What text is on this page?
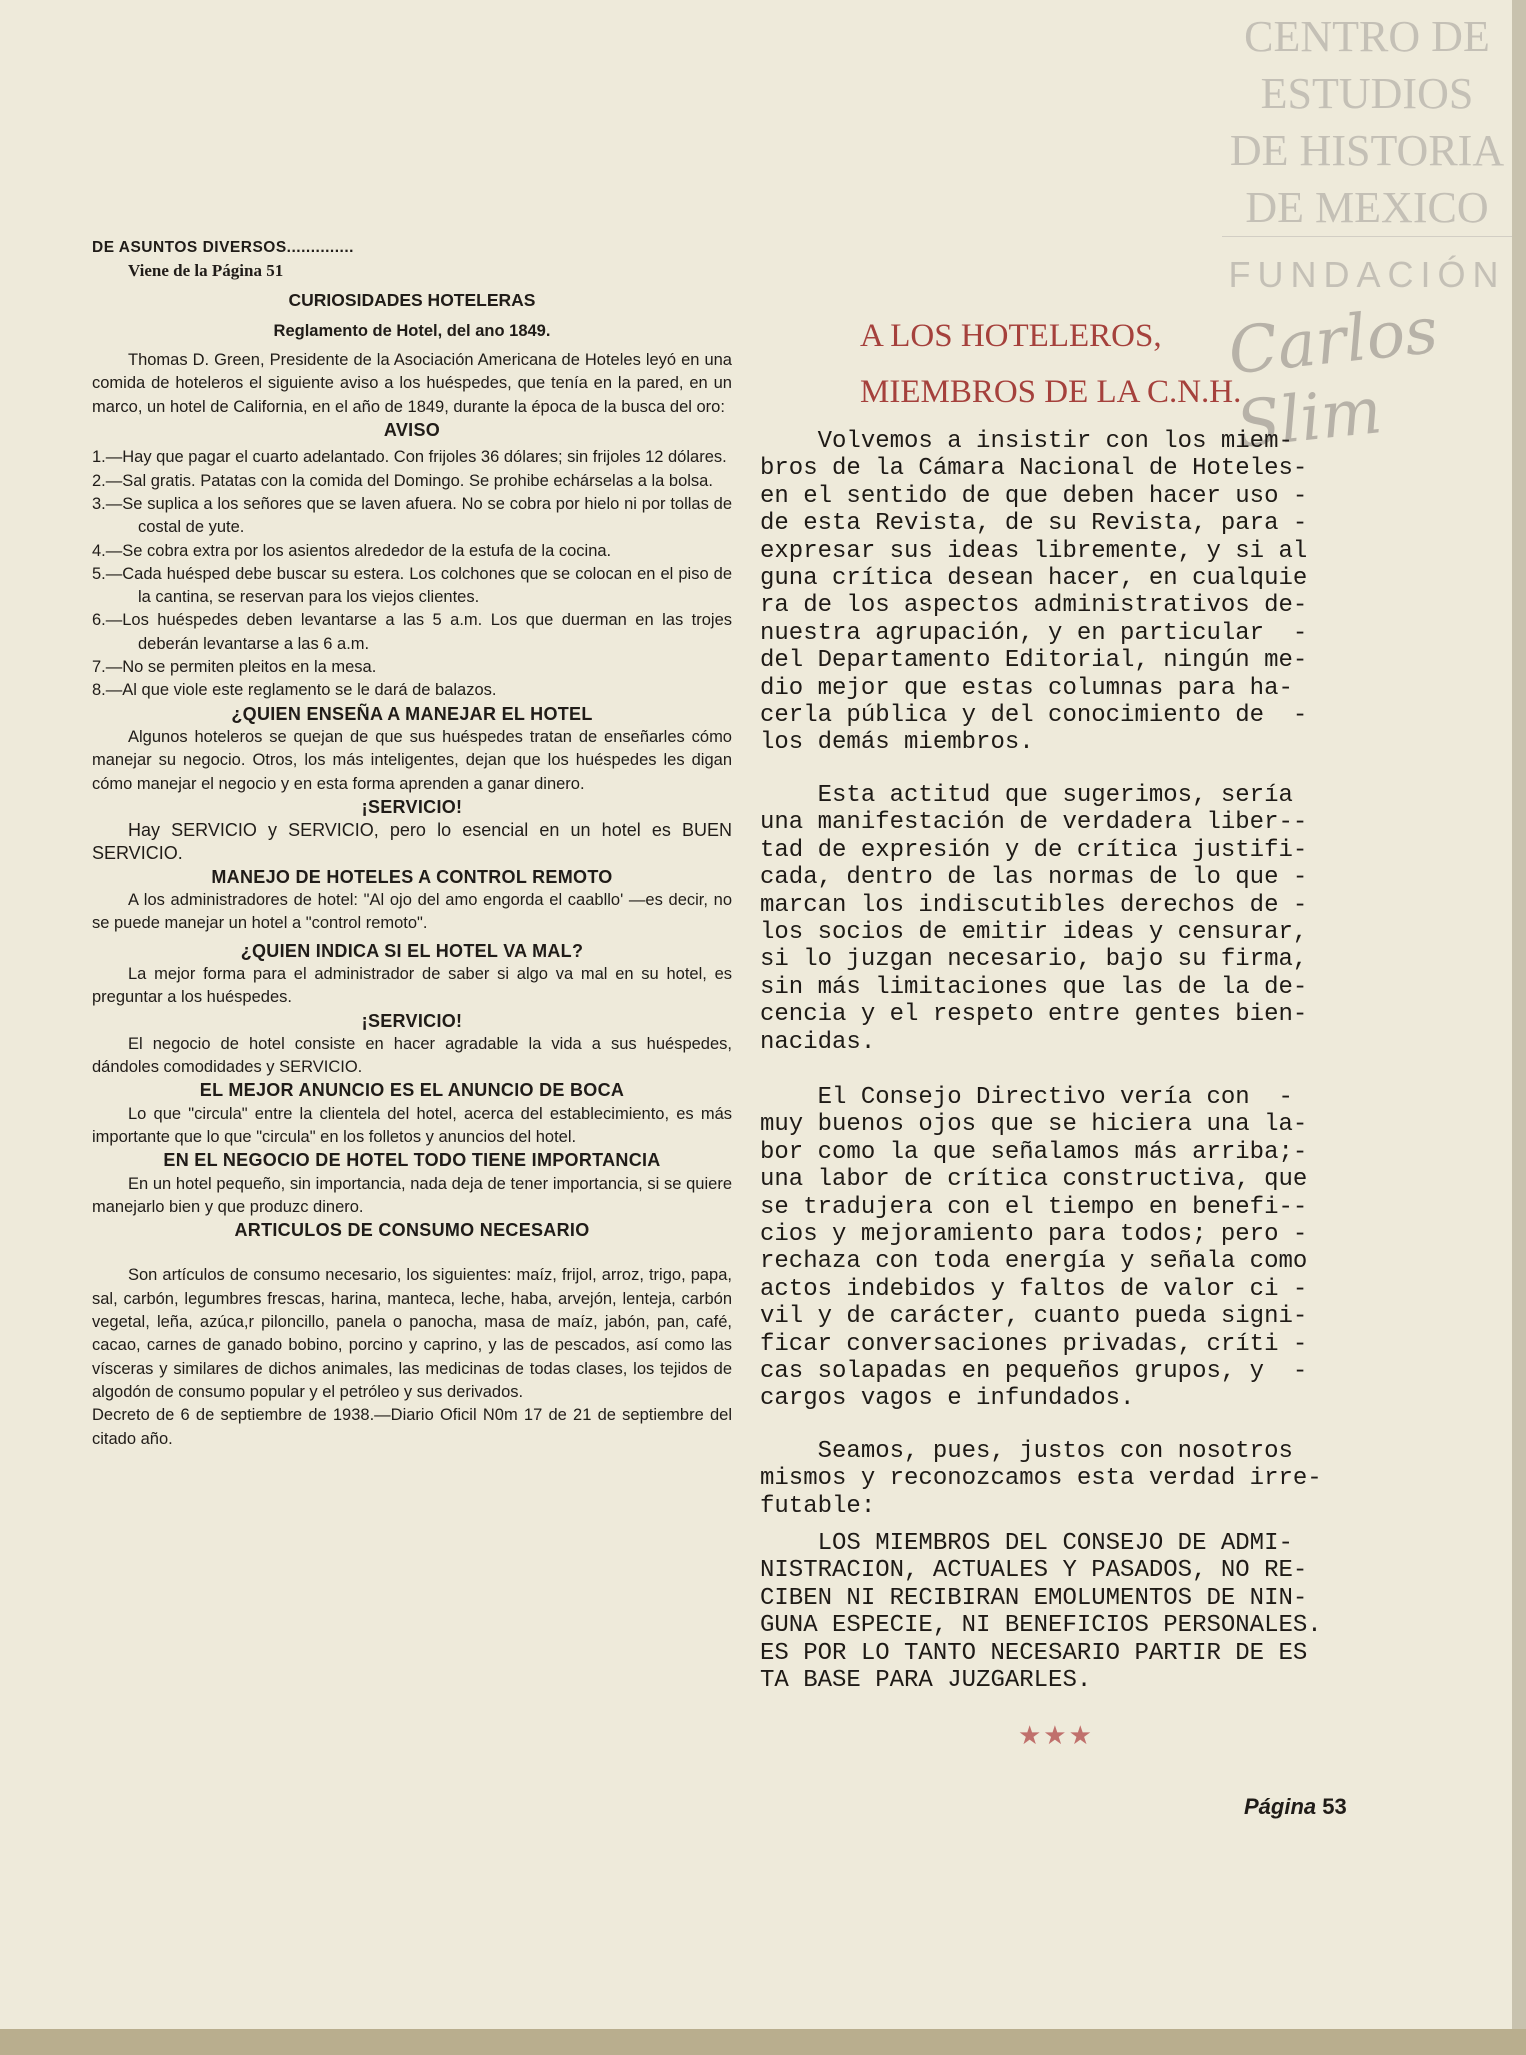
CENTRO DE
ESTUDIOS
DE HISTORIA
DE MEXICO
FUNDACIÓN
Carlos Slim
DE ASUNTOS DIVERSOS..............
Viene de la Página 51
CURIOSIDADES HOTELERAS
Reglamento de Hotel, del ano 1849.

Thomas D. Green, Presidente de la Asociación Americana de Hoteles leyó en una comida de hoteleros el siguiente aviso a los huéspedes, que tenía en la pared, en un marco, un hotel de California, en el año de 1849, durante la época de la busca del oro:

AVISO
1.—Hay que pagar el cuarto adelantado. Con frijoles 36 dólares; sin frijoles 12 dólares.
2.—Sal gratis. Patatas con la comida del Domingo. Se prohibe echárselas a la bolsa.
3.—Se suplica a los señores que se laven afuera. No se cobra por hielo ni por tollas de costal de yute.
4.—Se cobra extra por los asientos alrededor de la estufa de la cocina.
5.—Cada huésped debe buscar su estera. Los colchones que se colocan en el piso de la cantina, se reservan para los viejos clientes.
6.—Los huéspedes deben levantarse a las 5 a.m. Los que duerman en las trojes deberán levantarse a las 6 a.m.
7.—No se permiten pleitos en la mesa.
8.—Al que viole este reglamento se le dará de balazos.
¿QUIEN ENSEÑA A MANEJAR EL HOTEL

Algunos hoteleros se quejan de que sus huéspedes tratan de enseñarles cómo manejar su negocio. Otros, los más inteligentes, dejan que los huéspedes les digan cómo manejar el negocio y en esta forma aprenden a ganar dinero.

¡SERVICIO!

Hay SERVICIO y SERVICIO, pero lo esencial en un hotel es BUEN SERVICIO.

MANEJO DE HOTELES A CONTROL REMOTO

A los administradores de hotel: "Al ojo del amo engorda el caabllo' —es decir, no se puede manejar un hotel a "control remoto".

¿QUIEN INDICA SI EL HOTEL VA MAL?

La mejor forma para el administrador de saber si algo va mal en su hotel, es preguntar a los huéspedes.

¡SERVICIO!

El negocio de hotel consiste en hacer agradable la vida a sus huéspedes, dándoles comodidades y SERVICIO.

EL MEJOR ANUNCIO ES EL ANUNCIO DE BOCA

Lo que "circula" entre la clientela del hotel, acerca del establecimiento, es más importante que lo que "circula" en los folletos y anuncios del hotel.

EN EL NEGOCIO DE HOTEL TODO TIENE IMPORTANCIA

En un hotel pequeño, sin importancia, nada deja de tener importancia, si se quiere manejarlo bien y que produzc dinero.

ARTICULOS DE CONSUMO NECESARIO

Son artículos de consumo necesario, los siguientes: maíz, frijol, arroz, trigo, papa, sal, carbón, legumbres frescas, harina, manteca, leche, haba, arvejón, lenteja, carbón vegetal, leña, azúca,r piloncillo, panela o panocha, masa de maíz, jabón, pan, café, cacao, carnes de ganado bobino, porcino y caprino, y las de pescados, así como las vísceras y similares de dichos animales, las medicinas de todas clases, los tejidos de algodón de consumo popular y el petróleo y sus derivados.

Decreto de 6 de septiembre de 1938.—Diario Oficil N0m 17 de 21 de septiembre del citado año.

A LOS HOTELEROS,
MIEMBROS DE LA C.N.H.
Volvemos a insistir con los miem-
bros de la Cámara Nacional de Hoteles-
en el sentido de que deben hacer uso -
de esta Revista, de su Revista, para -
expresar sus ideas libremente, y si al
guna crítica desean hacer, en cualquie
ra de los aspectos administrativos de-
nuestra agrupación, y en particular  -
del Departamento Editorial, ningún me-
dio mejor que estas columnas para ha-
cerla pública y del conocimiento de  -
los demás miembros.
Esta actitud que sugerimos, sería
una manifestación de verdadera liber--
tad de expresión y de crítica justifi-
cada, dentro de las normas de lo que -
marcan los indiscutibles derechos de -
los socios de emitir ideas y censurar,
si lo juzgan necesario, bajo su firma,
sin más limitaciones que las de la de-
cencia y el respeto entre gentes bien-
nacidas.
El Consejo Directivo vería con  -
muy buenos ojos que se hiciera una la-
bor como la que señalamos más arriba;-
una labor de crítica constructiva, que
se tradujera con el tiempo en benefi--
cios y mejoramiento para todos; pero -
rechaza con toda energía y señala como
actos indebidos y faltos de valor ci -
vil y de carácter, cuanto pueda signi-
ficar conversaciones privadas, críti -
cas solapadas en pequeños grupos, y  -
cargos vagos e infundados.
Seamos, pues, justos con nosotros
mismos y reconozcamos esta verdad irre-
futable:
LOS MIEMBROS DEL CONSEJO DE ADMI-
NISTRACION, ACTUALES Y PASADOS, NO RE-
CIBEN NI RECIBIRAN EMOLUMENTOS DE NIN-
GUNA ESPECIE, NI BENEFICIOS PERSONALES.
ES POR LO TANTO NECESARIO PARTIR DE ES
TA BASE PARA JUZGARLES.
★★★
Página 53
